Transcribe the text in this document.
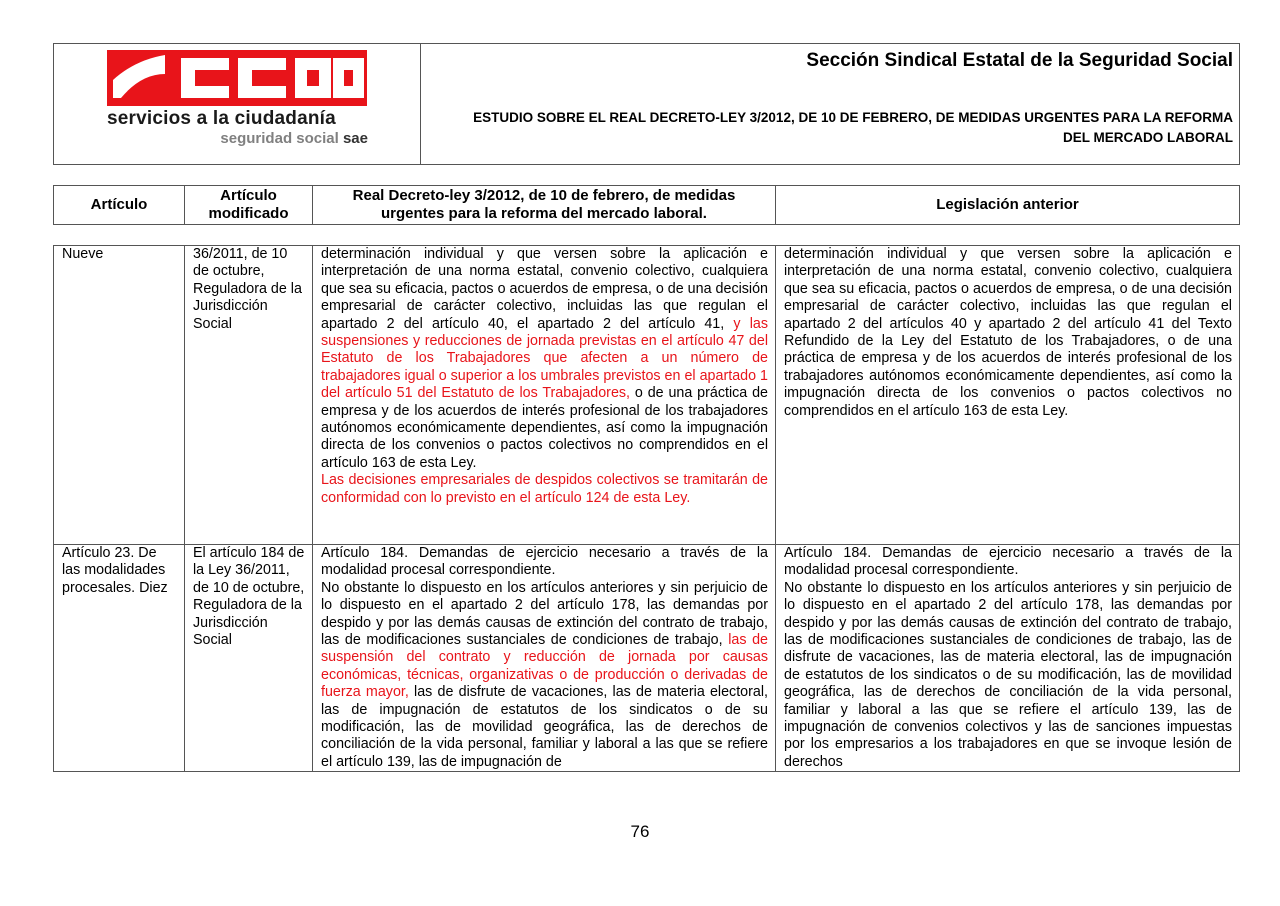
servicios a la ciudadanía
seguridad social sae
Sección Sindical Estatal de la Seguridad Social
ESTUDIO SOBRE EL REAL DECRETO-LEY 3/2012, DE 10 DE FEBRERO, DE MEDIDAS URGENTES PARA LA REFORMA DEL MERCADO LABORAL
Artículo
Artículo modificado
Real Decreto-ley 3/2012, de 10 de febrero, de medidas urgentes para la reforma del mercado laboral.
Legislación anterior
Nueve	36/2011, de 10 de octubre, Reguladora de la Jurisdicción Social

determinación individual y que versen sobre la aplicación e interpretación de una norma estatal, convenio colectivo, cualquiera que sea su eficacia, pactos o acuerdos de empresa, o de una decisión empresarial de carácter colectivo, incluidas las que regulan el apartado 2 del artículo 40, el apartado 2 del artículo 41, y las suspensiones y reducciones de jornada previstas en el artículo 47 del Estatuto de los Trabajadores que afecten a un número de trabajadores igual o superior a los umbrales previstos en el apartado 1 del artículo 51 del Estatuto de los Trabajadores, o de una práctica de empresa y de los acuerdos de interés profesional de los trabajadores autónomos económicamente dependientes, así como la impugnación directa de los convenios o pactos colectivos no comprendidos en el artículo 163 de esta Ley.

Las decisiones empresariales de despidos colectivos se tramitarán de conformidad con lo previsto en el artículo 124 de esta Ley.

determinación individual y que versen sobre la aplicación e interpretación de una norma estatal, convenio colectivo, cualquiera que sea su eficacia, pactos o acuerdos de empresa, o de una decisión empresarial de carácter colectivo, incluidas las que regulan el apartado 2 del artículos 40 y apartado 2 del artículo 41 del Texto Refundido de la Ley del Estatuto de los Trabajadores, o de una práctica de empresa y de los acuerdos de interés profesional de los trabajadores autónomos económicamente dependientes, así como la impugnación directa de los convenios o pactos colectivos no comprendidos en el artículo 163 de esta Ley.
Artículo 23. De las modalidades procesales. Diez
El artículo 184 de la Ley 36/2011, de 10 de octubre, Reguladora de la Jurisdicción Social

Artículo 184. Demandas de ejercicio necesario a través de la modalidad procesal correspondiente.

No obstante lo dispuesto en los artículos anteriores y sin perjuicio de lo dispuesto en el apartado 2 del artículo 178, las demandas por despido y por las demás causas de extinción del contrato de trabajo, las de modificaciones sustanciales de condiciones de trabajo, las de suspensión del contrato y reducción de jornada por causas económicas, técnicas, organizativas o de producción o derivadas de fuerza mayor, las de disfrute de vacaciones, las de materia electoral, las de impugnación de estatutos de los sindicatos o de su modificación, las de movilidad geográfica, las de derechos de conciliación de la vida personal, familiar y laboral a las que se refiere el artículo 139, las de impugnación de

Artículo 184. Demandas de ejercicio necesario a través de la modalidad procesal correspondiente.

No obstante lo dispuesto en los artículos anteriores y sin perjuicio de lo dispuesto en el apartado 2 del artículo 178, las demandas por despido y por las demás causas de extinción del contrato de trabajo, las de modificaciones sustanciales de condiciones de trabajo, las de disfrute de vacaciones, las de materia electoral, las de impugnación de estatutos de los sindicatos o de su modificación, las de movilidad geográfica, las de derechos de conciliación de la vida personal, familiar y laboral a las que se refiere el artículo 139, las de impugnación de convenios colectivos y las de sanciones impuestas por los empresarios a los trabajadores en que se invoque lesión de derechos

76
